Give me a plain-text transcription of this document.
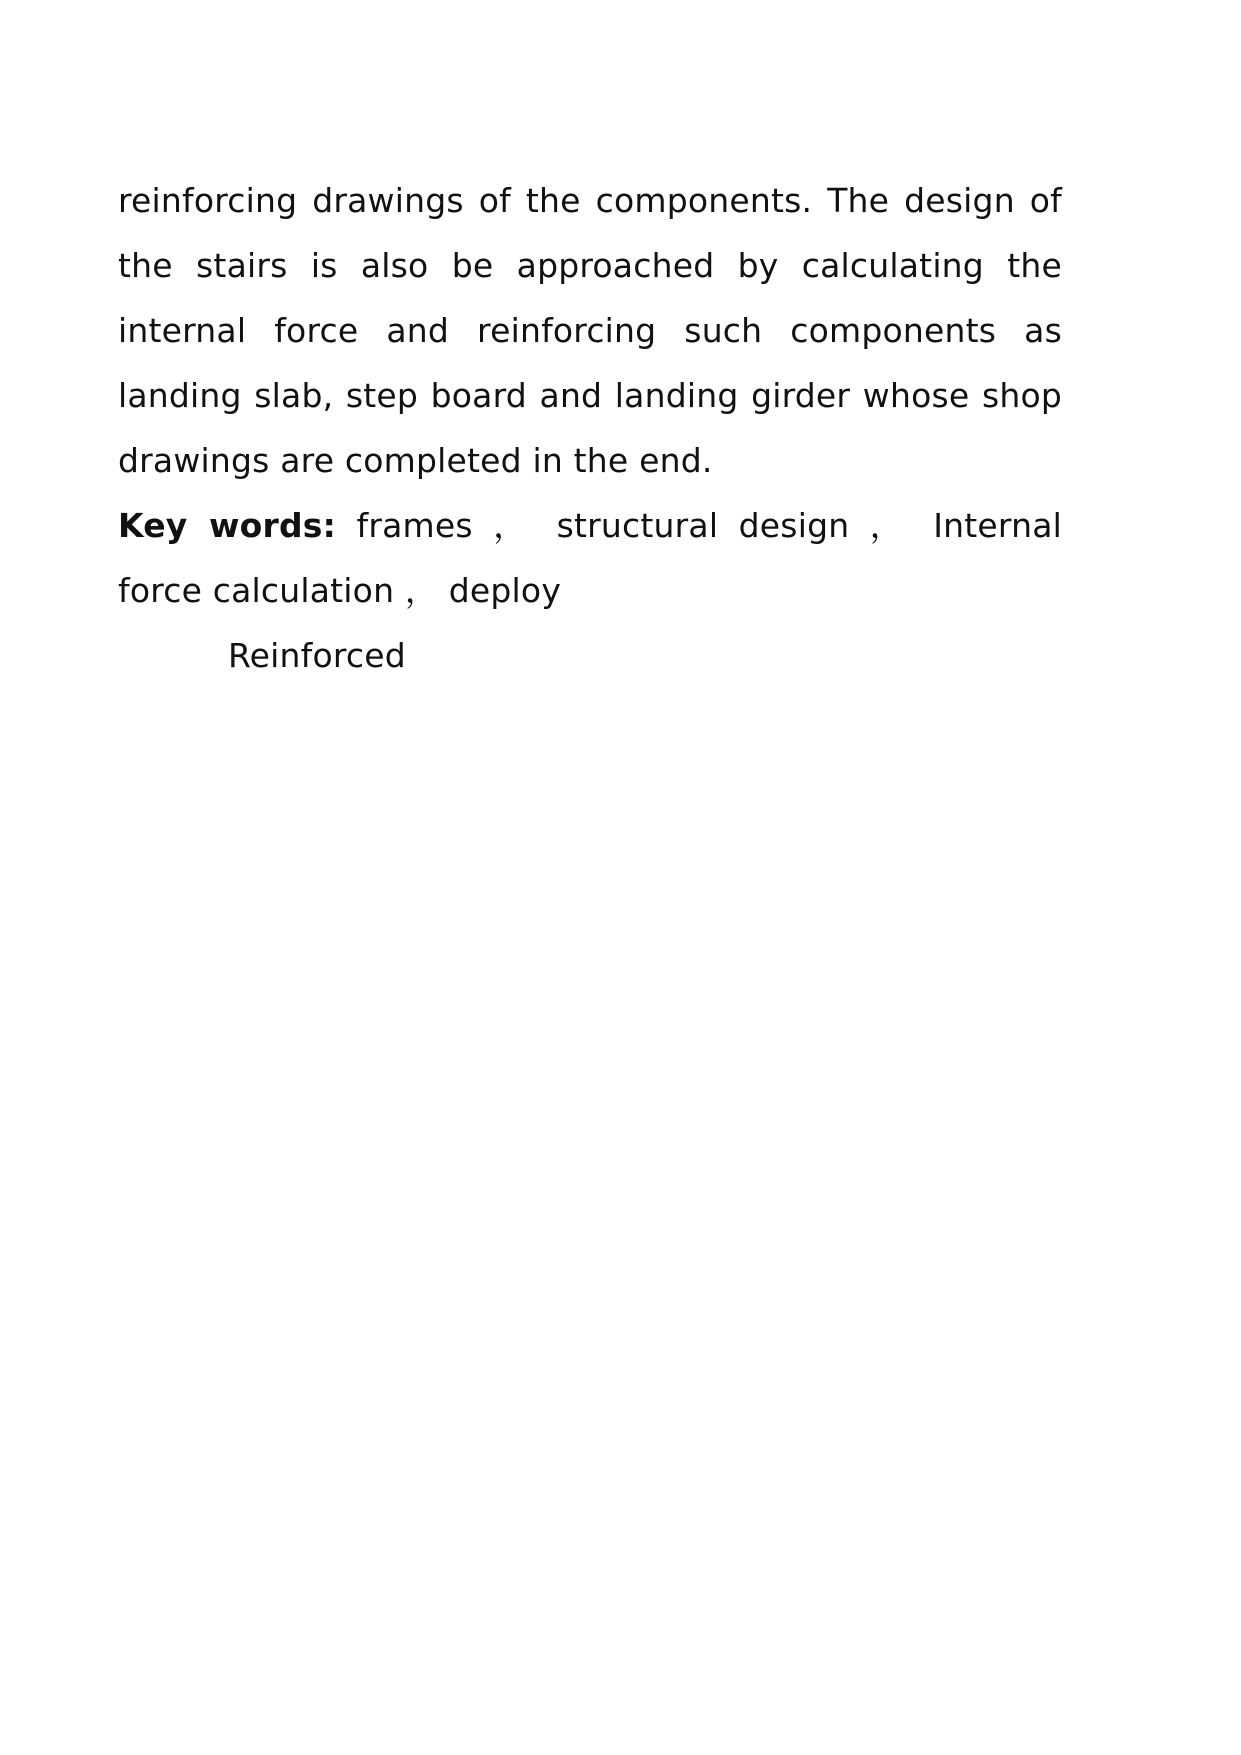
reinforcing drawings of the components. The design of the stairs is also be approached by calculating the internal force and reinforcing such components as landing slab, step board and landing girder whose shop drawings are completed in the end.

Key words: frames ， structural design ， Internal force calculation ， deploy

Reinforced
